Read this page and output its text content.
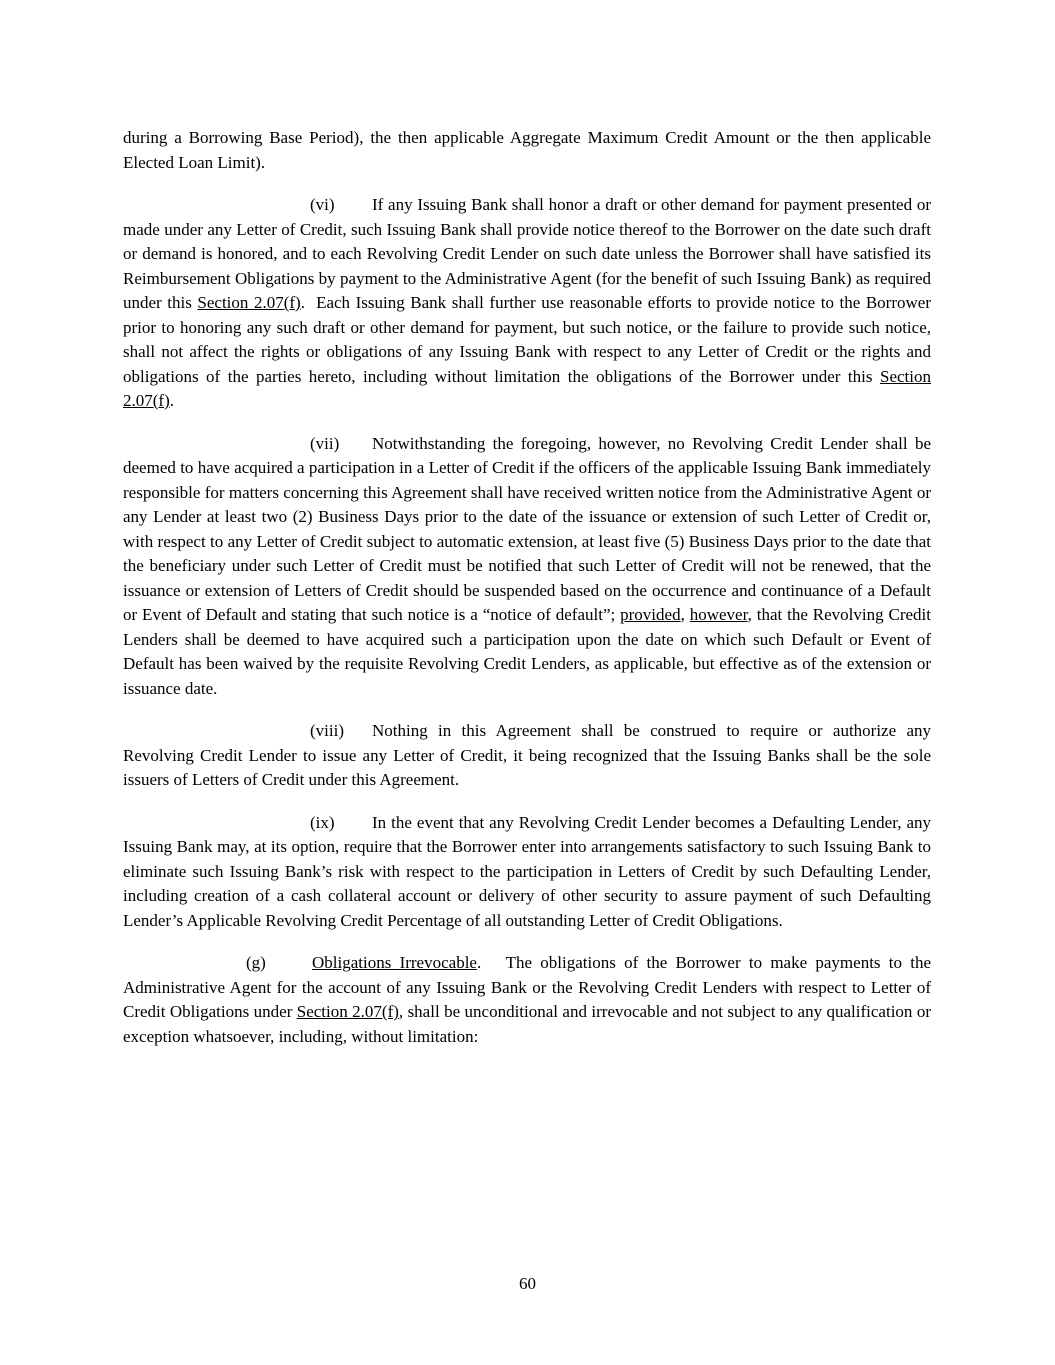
during a Borrowing Base Period), the then applicable Aggregate Maximum Credit Amount or the then applicable Elected Loan Limit).

(vi) If any Issuing Bank shall honor a draft or other demand for payment presented or made under any Letter of Credit, such Issuing Bank shall provide notice thereof to the Borrower on the date such draft or demand is honored, and to each Revolving Credit Lender on such date unless the Borrower shall have satisfied its Reimbursement Obligations by payment to the Administrative Agent (for the benefit of such Issuing Bank) as required under this Section 2.07(f).  Each Issuing Bank shall further use reasonable efforts to provide notice to the Borrower prior to honoring any such draft or other demand for payment, but such notice, or the failure to provide such notice, shall not affect the rights or obligations of any Issuing Bank with respect to any Letter of Credit or the rights and obligations of the parties hereto, including without limitation the obligations of the Borrower under this Section 2.07(f).

(vii) Notwithstanding the foregoing, however, no Revolving Credit Lender shall be deemed to have acquired a participation in a Letter of Credit if the officers of the applicable Issuing Bank immediately responsible for matters concerning this Agreement shall have received written notice from the Administrative Agent or any Lender at least two (2) Business Days prior to the date of the issuance or extension of such Letter of Credit or, with respect to any Letter of Credit subject to automatic extension, at least five (5) Business Days prior to the date that the beneficiary under such Letter of Credit must be notified that such Letter of Credit will not be renewed, that the issuance or extension of Letters of Credit should be suspended based on the occurrence and continuance of a Default or Event of Default and stating that such notice is a “notice of default”; provided, however, that the Revolving Credit Lenders shall be deemed to have acquired such a participation upon the date on which such Default or Event of Default has been waived by the requisite Revolving Credit Lenders, as applicable, but effective as of the extension or issuance date.

(viii) Nothing in this Agreement shall be construed to require or authorize any Revolving Credit Lender to issue any Letter of Credit, it being recognized that the Issuing Banks shall be the sole issuers of Letters of Credit under this Agreement.

(ix) In the event that any Revolving Credit Lender becomes a Defaulting Lender, any Issuing Bank may, at its option, require that the Borrower enter into arrangements satisfactory to such Issuing Bank to eliminate such Issuing Bank’s risk with respect to the participation in Letters of Credit by such Defaulting Lender, including creation of a cash collateral account or delivery of other security to assure payment of such Defaulting Lender’s Applicable Revolving Credit Percentage of all outstanding Letter of Credit Obligations.

(g)	Obligations Irrevocable.   The obligations of the Borrower to make payments to the Administrative Agent for the account of any Issuing Bank or the Revolving Credit Lenders with respect to Letter of Credit Obligations under Section 2.07(f), shall be unconditional and irrevocable and not subject to any qualification or exception whatsoever, including, without limitation:

60
